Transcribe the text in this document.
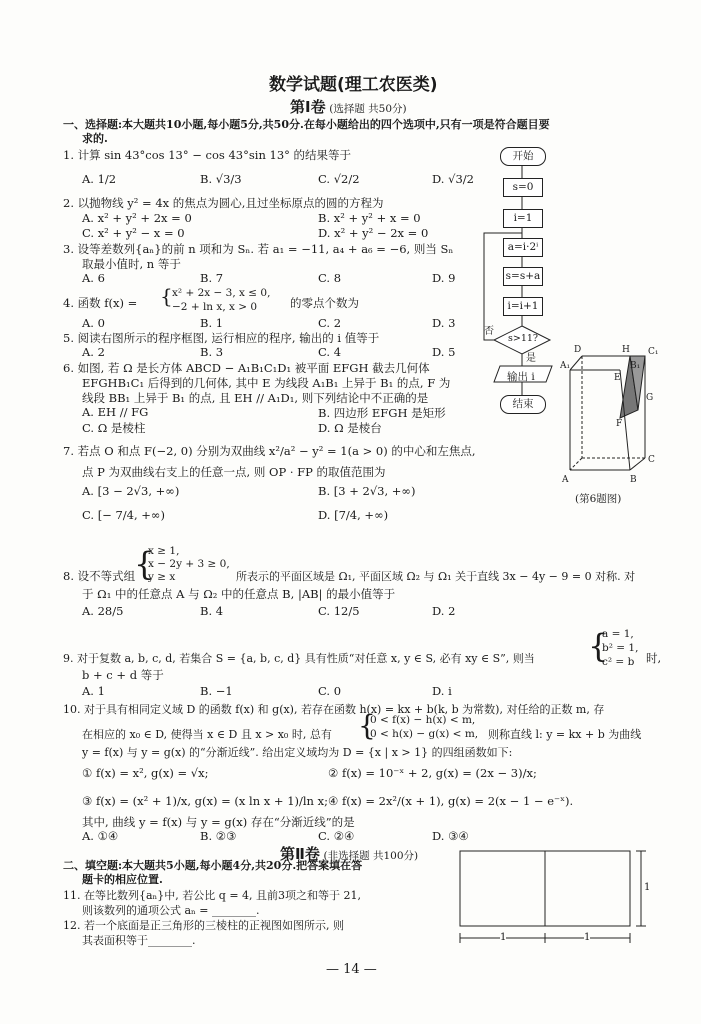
数学试题(理工农医类)
第Ⅰ卷 (选择题 共50分)
一、选择题:本大题共10小题,每小题5分,共50分.在每小题给出的四个选项中,只有一项是符合题目要
求的.
1. 计算 sin 43°cos 13° − cos 43°sin 13° 的结果等于
A. 1/2	B. √3/3	C. √2/2	D. √3/2
2. 以抛物线 y² = 4x 的焦点为圆心,且过坐标原点的圆的方程为
A. x² + y² + 2x = 0	B. x² + y² + x = 0
C. x² + y² − x = 0	D. x² + y² − 2x = 0
3. 设等差数列{aₙ}的前 n 项和为 Sₙ. 若 a₁ = −11, a₄ + a₆ = −6, 则当 Sₙ
取最小值时, n 等于
A. 6	B. 7	C. 8	D. 9
4. 函数 f(x) = { x² + 2x − 3, x ≤ 0,
−2 + ln x, x > 0	的零点个数为
A. 0	B. 1	C. 2	D. 3
5. 阅读右图所示的程序框图, 运行相应的程序, 输出的 i 值等于
A. 2	B. 3	C. 4	D. 5
6. 如图, 若 Ω 是长方体 ABCD − A₁B₁C₁D₁ 被平面 EFGH 截去几何体
EFGHB₁C₁ 后得到的几何体, 其中 E 为线段 A₁B₁ 上异于 B₁ 的点, F 为
线段 BB₁ 上异于 B₁ 的点, 且 EH // A₁D₁, 则下列结论中不正确的是
A. EH // FG	B. 四边形 EFGH 是矩形
C. Ω 是棱柱	D. Ω 是棱台
7. 若点 O 和点 F(−2, 0) 分别为双曲线 x²/a² − y² = 1(a > 0) 的中心和左焦点,
点 P 为双曲线右支上的任意一点, 则 OP · FP 的取值范围为
A. [3 − 2√3, +∞)	B. [3 + 2√3, +∞)
C. [− 7/4, +∞)	D. [7/4, +∞)
8. 设不等式组
{
x ≥ 1,
x − 2y + 3 ≥ 0,
y ≥ x	所表示的平面区域是 Ω₁, 平面区域 Ω₂ 与 Ω₁ 关于直线 3x − 4y − 9 = 0 对称. 对
于 Ω₁ 中的任意点 A 与 Ω₂ 中的任意点 B, |AB| 的最小值等于
A. 28/5	B. 4	C. 12/5	D. 2
9. 对于复数 a, b, c, d, 若集合 S = {a, b, c, d} 具有性质“对任意 x, y ∈ S, 必有 xy ∈ S”, 则当 {
a = 1,
b² = 1,
c² = b 时,
b + c + d 等于
A. 1	B. −1	C. 0	D. i
10. 对于具有相同定义域 D 的函数 f(x) 和 g(x), 若存在函数 h(x) = kx + b(k, b 为常数), 对任给的正数 m, 存
在相应的 x₀ ∈ D, 使得当 x ∈ D 且 x > x₀ 时, 总有 {
0 < f(x) − h(x) < m,
0 < h(x) − g(x) < m, 则称直线 l: y = kx + b 为曲线
y = f(x) 与 y = g(x) 的“分渐近线”. 给出定义域均为 D = {x | x > 1} 的四组函数如下:
① f(x) = x², g(x) = √x;	② f(x) = 10⁻ˣ + 2, g(x) = (2x − 3)/x;
③ f(x) = (x² + 1)/x, g(x) = (x ln x + 1)/ln x; ④ f(x) = 2x²/(x + 1), g(x) = 2(x − 1 − e⁻ˣ).
其中, 曲线 y = f(x) 与 y = g(x) 存在“分渐近线”的是
A. ①④	B. ②③	C. ②④	D. ③④
第Ⅱ卷 (非选择题 共100分)
二、填空题:本大题共5小题,每小题4分,共20分.把答案填在答
题卡的相应位置.
11. 在等比数列{aₙ}中, 若公比 q = 4, 且前3项之和等于 21,
则该数列的通项公式 aₙ = ________.
12. 若一个底面是正三角形的三棱柱的正视图如图所示, 则
其表面积等于________.
开始
s=0
i=1
a=i·2ⁱ
s=s+a
i=i+1
s>11?
否
是
输出 i
结束
D	H C₁
A₁
E
B₁
G
F
C
A	B
(第6题图)
1
1	1
— 14 —
